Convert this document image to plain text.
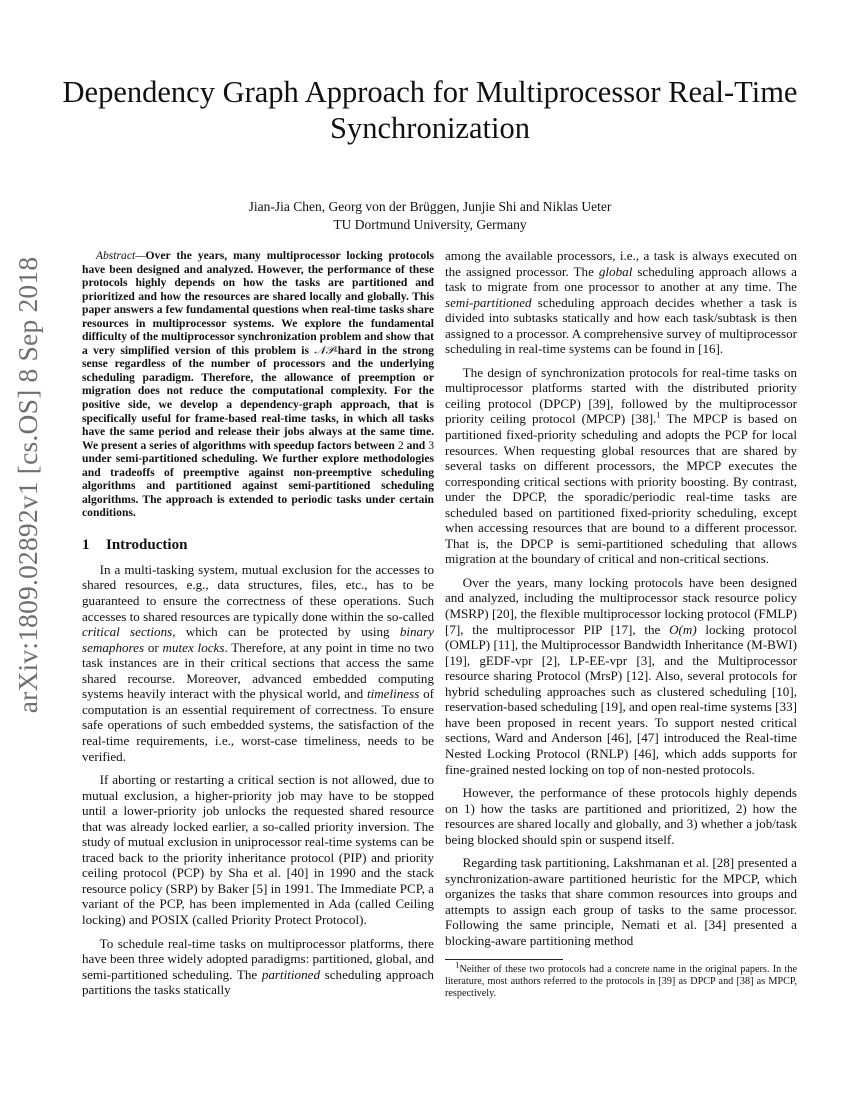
arXiv:1809.02892v1 [cs.OS] 8 Sep 2018
Dependency Graph Approach for Multiprocessor Real-Time Synchronization
Jian-Jia Chen, Georg von der Brüggen, Junjie Shi and Niklas Ueter
TU Dortmund University, Germany

Abstract—Over the years, many multiprocessor locking protocols have been designed and analyzed. However, the performance of these protocols highly depends on how the tasks are partitioned and prioritized and how the resources are shared locally and globally. This paper answers a few fundamental questions when real-time tasks share resources in multiprocessor systems. We explore the fundamental difficulty of the multiprocessor synchronization problem and show that a very simplified version of this problem is 𝒩𝒫-hard in the strong sense regardless of the number of processors and the underlying scheduling paradigm. Therefore, the allowance of preemption or migration does not reduce the computational complexity. For the positive side, we develop a dependency-graph approach, that is specifically useful for frame-based real-time tasks, in which all tasks have the same period and release their jobs always at the same time. We present a series of algorithms with speedup factors between 2 and 3 under semi-partitioned scheduling. We further explore methodologies and tradeoffs of preemptive against non-preemptive scheduling algorithms and partitioned against semi-partitioned scheduling algorithms. The approach is extended to periodic tasks under certain conditions.

1 Introduction

In a multi-tasking system, mutual exclusion for the accesses to shared resources, e.g., data structures, files, etc., has to be guaranteed to ensure the correctness of these operations. Such accesses to shared resources are typically done within the so-called critical sections, which can be protected by using binary semaphores or mutex locks. Therefore, at any point in time no two task instances are in their critical sections that access the same shared recourse. Moreover, advanced embedded computing systems heavily interact with the physical world, and timeliness of computation is an essential requirement of correctness. To ensure safe operations of such embedded systems, the satisfaction of the real-time requirements, i.e., worst-case timeliness, needs to be verified.

If aborting or restarting a critical section is not allowed, due to mutual exclusion, a higher-priority job may have to be stopped until a lower-priority job unlocks the requested shared resource that was already locked earlier, a so-called priority inversion. The study of mutual exclusion in uniprocessor real-time systems can be traced back to the priority inheritance protocol (PIP) and priority ceiling protocol (PCP) by Sha et al. [40] in 1990 and the stack resource policy (SRP) by Baker [5] in 1991. The Immediate PCP, a variant of the PCP, has been implemented in Ada (called Ceiling locking) and POSIX (called Priority Protect Protocol).

To schedule real-time tasks on multiprocessor platforms, there have been three widely adopted paradigms: partitioned, global, and semi-partitioned scheduling. The partitioned scheduling approach partitions the tasks statically

among the available processors, i.e., a task is always executed on the assigned processor. The global scheduling approach allows a task to migrate from one processor to another at any time. The semi-partitioned scheduling approach decides whether a task is divided into subtasks statically and how each task/subtask is then assigned to a processor. A comprehensive survey of multiprocessor scheduling in real-time systems can be found in [16].

The design of synchronization protocols for real-time tasks on multiprocessor platforms started with the distributed priority ceiling protocol (DPCP) [39], followed by the multiprocessor priority ceiling protocol (MPCP) [38].$^1$ The MPCP is based on partitioned fixed-priority scheduling and adopts the PCP for local resources. When requesting global resources that are shared by several tasks on different processors, the MPCP executes the corresponding critical sections with priority boosting. By contrast, under the DPCP, the sporadic/periodic real-time tasks are scheduled based on partitioned fixed-priority scheduling, except when accessing resources that are bound to a different processor. That is, the DPCP is semi-partitioned scheduling that allows migration at the boundary of critical and non-critical sections.

Over the years, many locking protocols have been designed and analyzed, including the multiprocessor stack resource policy (MSRP) [20], the flexible multiprocessor locking protocol (FMLP) [7], the multiprocessor PIP [17], the O(m) locking protocol (OMLP) [11], the Multiprocessor Bandwidth Inheritance (M-BWI) [19], gEDF-vpr [2], LP-EE-vpr [3], and the Multiprocessor resource sharing Protocol (MrsP) [12]. Also, several protocols for hybrid scheduling approaches such as clustered scheduling [10], reservation-based scheduling [19], and open real-time systems [33] have been proposed in recent years. To support nested critical sections, Ward and Anderson [46], [47] introduced the Real-time Nested Locking Protocol (RNLP) [46], which adds supports for fine-grained nested locking on top of non-nested protocols.

However, the performance of these protocols highly depends on 1) how the tasks are partitioned and prioritized, 2) how the resources are shared locally and globally, and 3) whether a job/task being blocked should spin or suspend itself.

Regarding task partitioning, Lakshmanan et al. [28] presented a synchronization-aware partitioned heuristic for the MPCP, which organizes the tasks that share common resources into groups and attempts to assign each group of tasks to the same processor. Following the same principle, Nemati et al. [34] presented a blocking-aware partitioning method

$^1$Neither of these two protocols had a concrete name in the original papers. In the literature, most authors referred to the protocols in [39] as DPCP and [38] as MPCP, respectively.
